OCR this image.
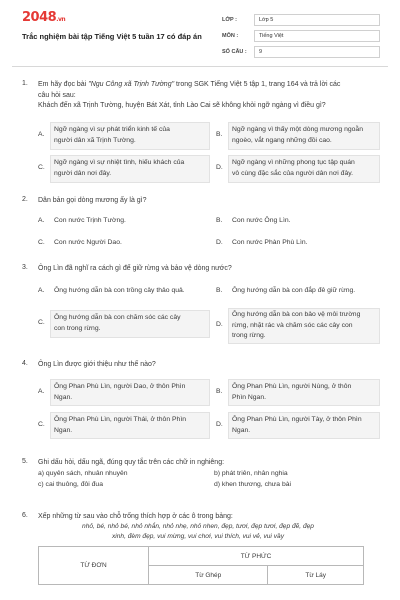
2048.vn
Trắc nghiệm bài tập Tiếng Việt 5 tuần 17 có đáp án
LỚP :	Lớp 5
MÔN :	Tiếng Việt
SỐ CÂU :	9
1.	Em hãy đọc bài "Ngu Công xã Trịnh Tường" trong SGK Tiếng Việt 5 tập 1, trang 164 và trả lời các
câu hỏi sau:
Khách đến xã Trịnh Tường, huyện Bát Xát, tỉnh Lào Cai sẽ không khỏi ngỡ ngàng vì điều gì?
A.
Ngỡ ngàng vì sự phát triển kinh tế của
người dân xã Trịnh Tường.
B.
Ngỡ ngàng vì thấy một dòng mương ngoằn
ngoèo, vắt ngang những đồi cao.
C.
Ngỡ ngàng vì sự nhiệt tình, hiếu khách của
người dân nơi đây.
D.
Ngỡ ngàng vì những phong tục tập quán
vô cùng đặc sắc của người dân nơi đây.
2.	Dân bản gọi dòng mương ấy là gì?
A.	Con nước Trịnh Tường.	B.	Con nước Ông Lìn.
C.	Con nước Người Dao.	D.	Con nước Phàn Phù Lìn.
3.	Ông Lìn đã nghĩ ra cách gì để giữ rừng và bảo vệ dòng nước?
A.	Ông hướng dẫn bà con trồng cây thảo quả.	B.	Ông hướng dẫn bà con đắp đê giữ rừng.
C.
Ông hướng dẫn bà con chăm sóc các cây
con trong rừng.	D.
Ông hướng dẫn bà con bảo vệ môi trường
rừng, nhặt rác và chăm sóc các cây con
trong rừng.
4.	Ông Lìn được giới thiệu như thế nào?
A.
Ông Phan Phù Lìn, người Dao, ở thôn Phìn
Ngan.
B.
Ông Phan Phù Lìn, người Nùng, ở thôn
Phìn Ngan.
C.
Ông Phan Phù Lìn, người Thái, ở thôn Phìn
Ngan.
D.
Ông Phan Phù Lìn, người Tày, ở thôn Phìn
Ngan.
5.	Ghi dấu hỏi, dấu ngã, đúng quy tắc trên các chữ in nghiêng:
a) quyên sách, nhuân nhuyên	b) phát triên, nhân nghia
c) cai thuông, đôi đua	d) khen thương, chưa bài
6.	Xếp những từ sau vào chỗ trống thích hợp ở các ô trong bảng:
nhỏ, bé, nhỏ bé, nhỏ nhắn, nhỏ nhẹ, nhỏ nhen, đẹp, tươi, đẹp tươi, đẹp đẽ, đẹp
xinh, đèm đẹp, vui mừng, vui chơi, vui thích, vui vẻ, vui vầy
TỪ ĐƠN	TỪ PHỨC	
	Từ Ghép	Từ Láy
